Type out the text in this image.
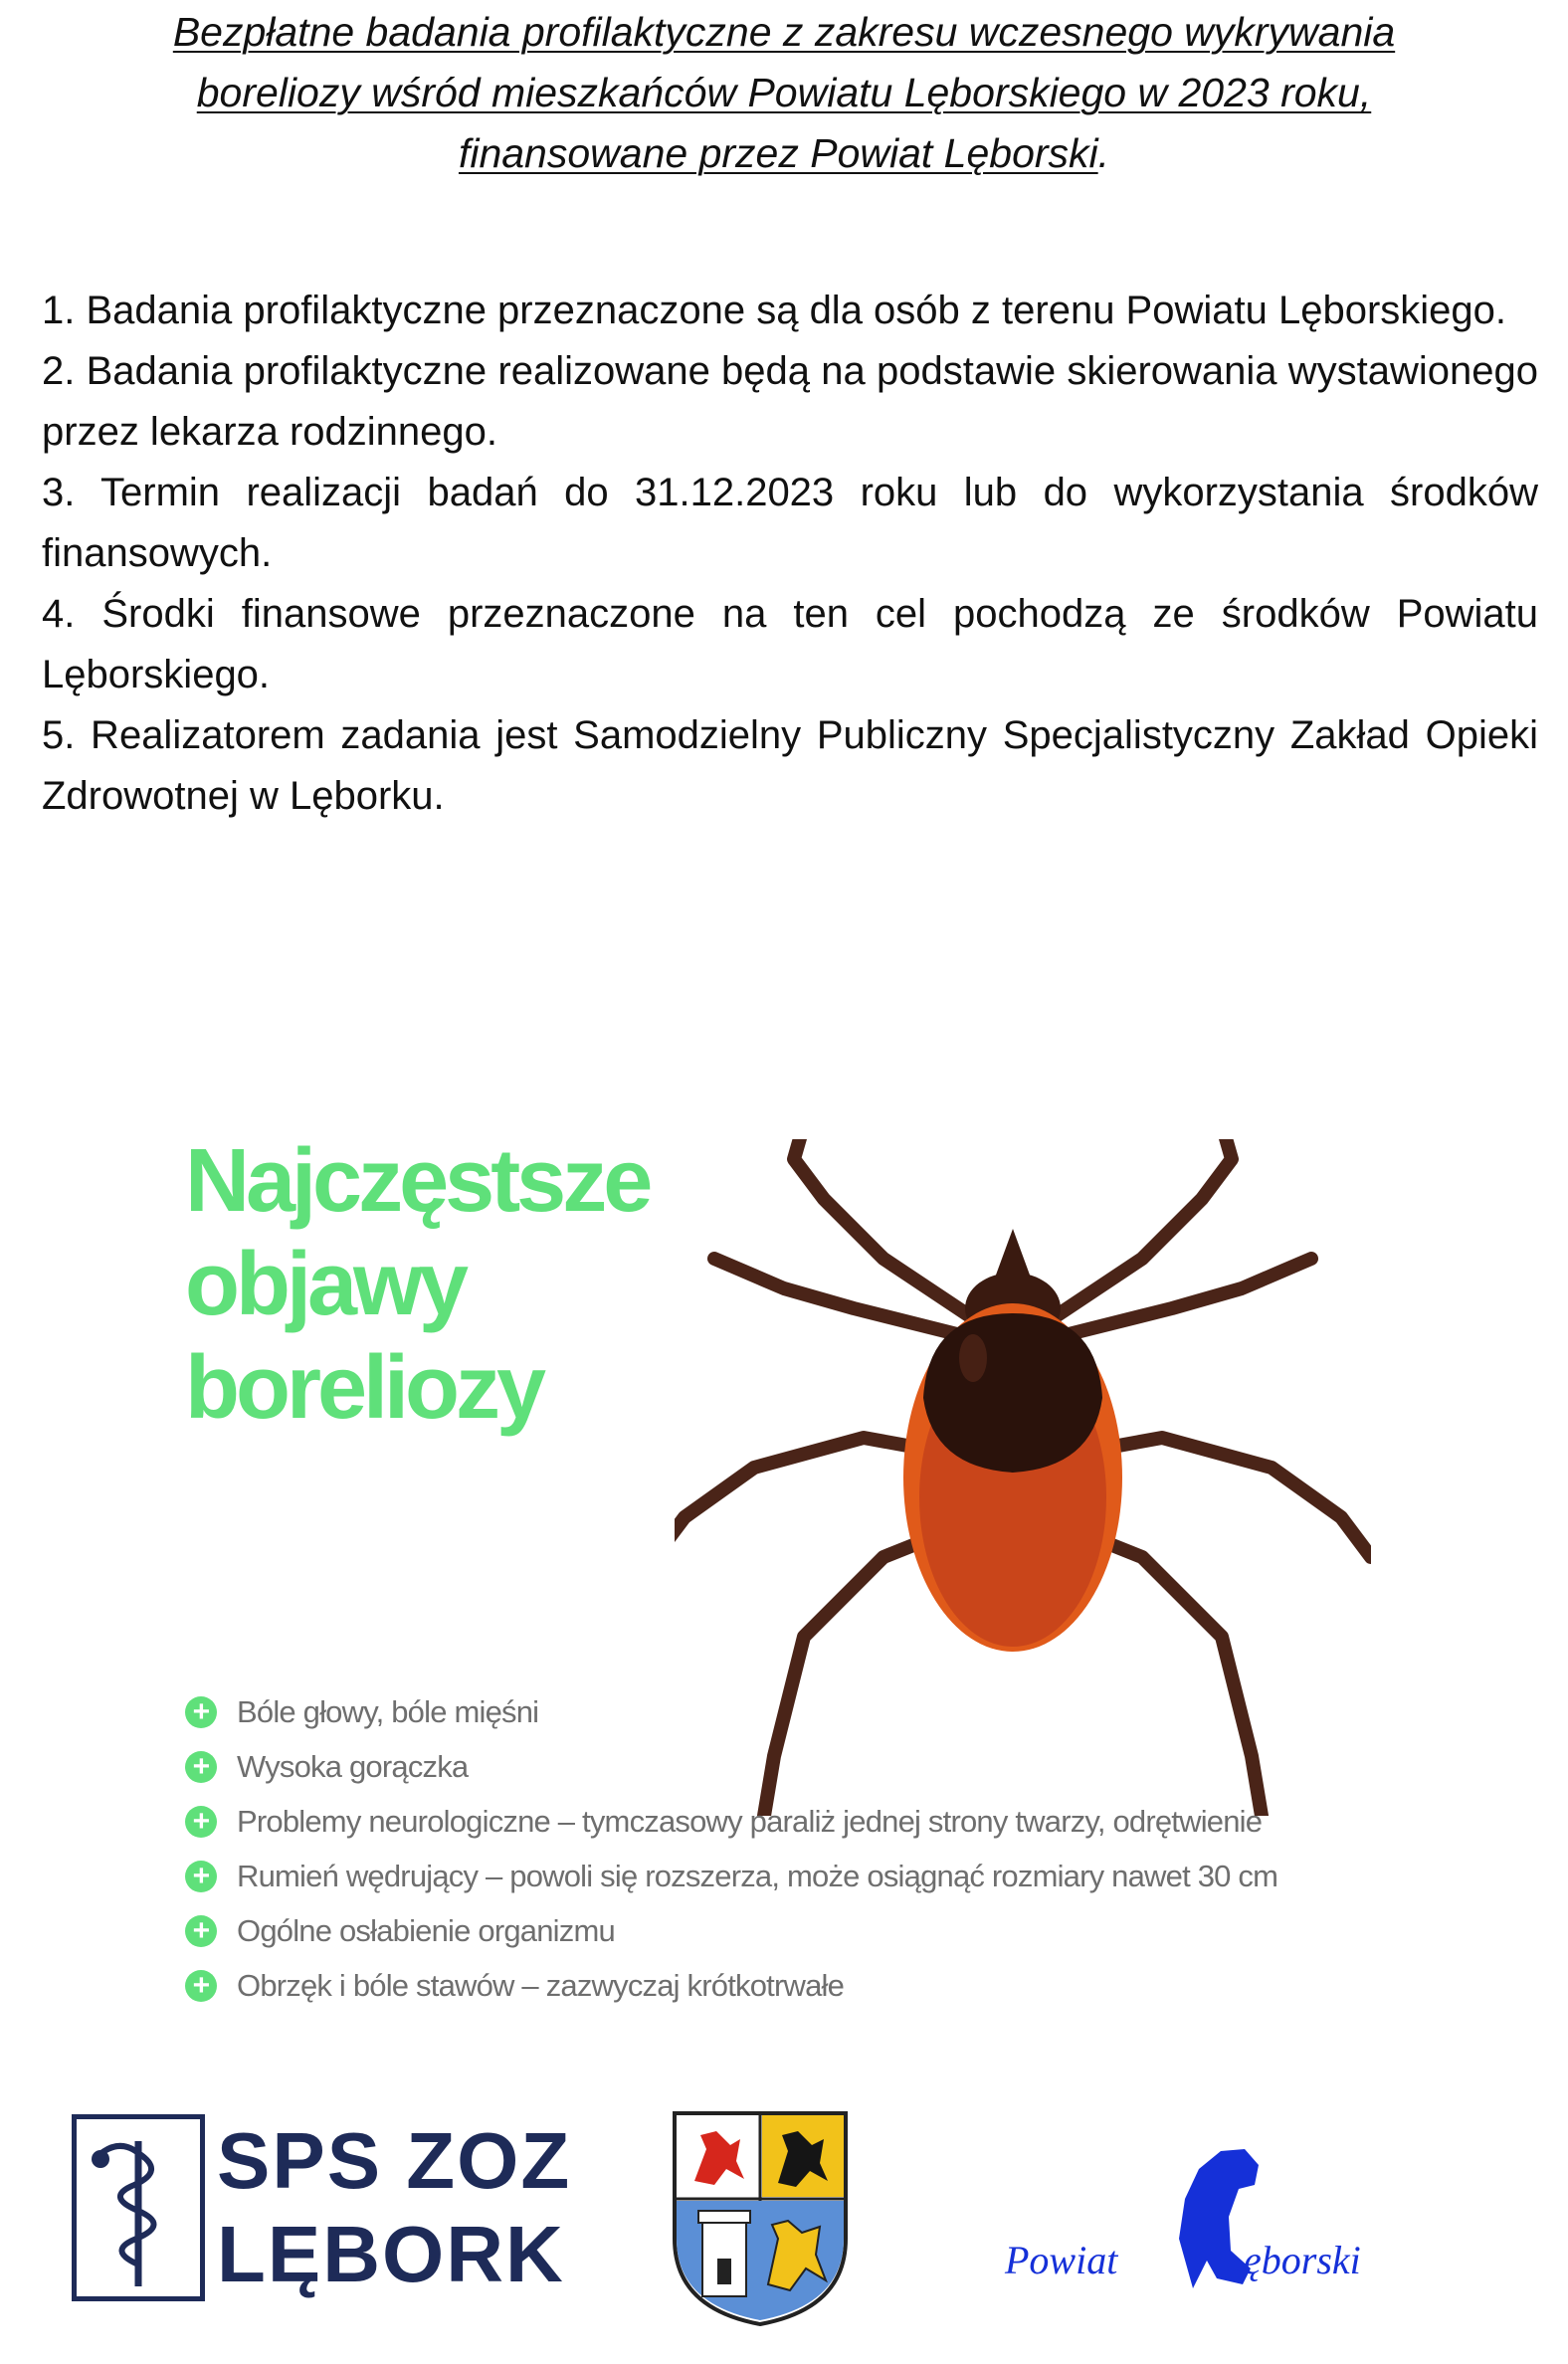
Bezpłatne badania profilaktyczne z zakresu wczesnego wykrywania
boreliozy wśród mieszkańców Powiatu Lęborskiego w 2023 roku,
finansowane przez Powiat Lęborski.

1. Badania profilaktyczne przeznaczone są dla osób z terenu Powiatu Lęborskiego.

2. Badania profilaktyczne realizowane będą na podstawie skierowania wystawionego przez lekarza rodzinnego.

3. Termin realizacji badań do 31.12.2023 roku lub do wykorzystania środków finansowych.

4. Środki finansowe przeznaczone na ten cel pochodzą ze środków Powiatu Lęborskiego.

5. Realizatorem zadania jest Samodzielny Publiczny Specjalistyczny Zakład Opieki Zdrowotnej w Lęborku.

Najczęstsze
objawy
boreliozy
+ Bóle głowy, bóle mięśni
+ Wysoka gorączka
+ Problemy neurologiczne – tymczasowy paraliż jednej strony twarzy, odrętwienie
+ Rumień wędrujący – powoli się rozszerza, może osiągnąć rozmiary nawet 30 cm
+ Ogólne osłabienie organizmu
+ Obrzęk i bóle stawów – zazwyczaj krótkotrwałe
SPS ZOZ
LĘBORK	Powiat	ęborski
